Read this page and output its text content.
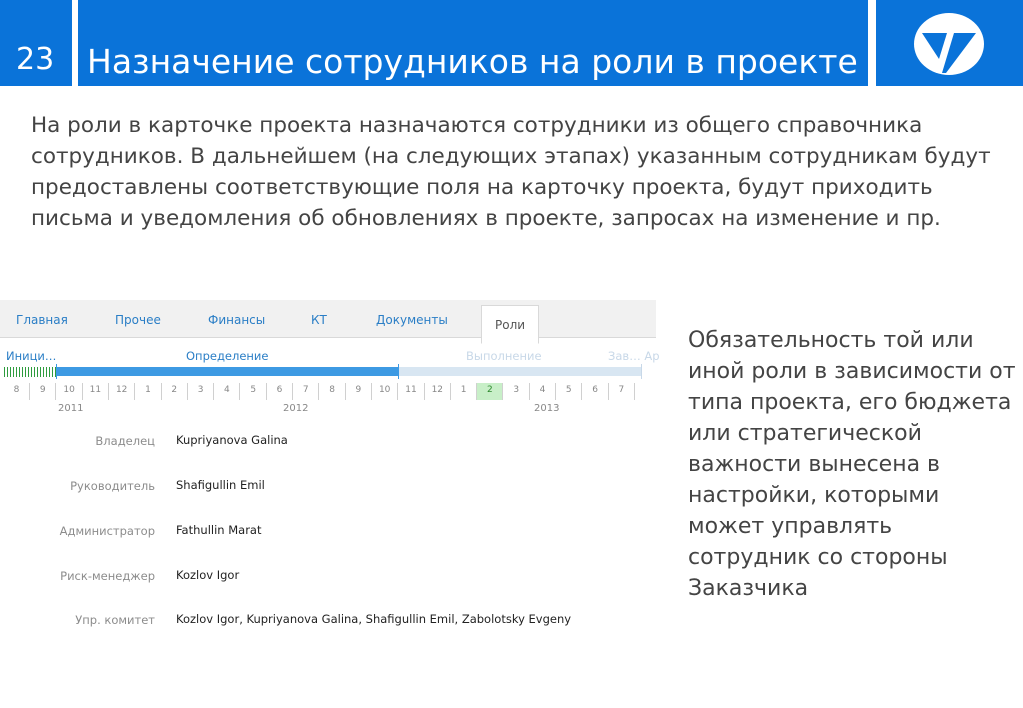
23 Назначение сотрудников на роли в проекте
На роли в карточке проекта назначаются сотрудники из общего справочника сотрудников. В дальнейшем (на следующих этапах) указанным сотрудникам будут предоставлены соответствующие поля на карточку проекта, будут приходить письма и уведомления об обновлениях в проекте, запросах на изменение и пр.
Главная	Прочее	Финансы	КТ	Документы	Роли
Иници…	Определение	Выполнение	Зав… Ар
8	9	10	11	12	1	2	3	4	5	6	7	8	9	10	11	12	1	2	3	4	5	6	7
2011	2012	2013
Владелец Kupriyanova Galina
Руководитель Shafigullin Emil
Администратор Fathullin Marat
Риск-менеджер Kozlov Igor
Упр. комитет Kozlov Igor, Kupriyanova Galina, Shafigullin Emil, Zabolotsky Evgeny
Обязательность той или иной роли в зависимости от типа проекта, его бюджета или стратегической важности вынесена в настройки, которыми может управлять сотрудник со стороны Заказчика
